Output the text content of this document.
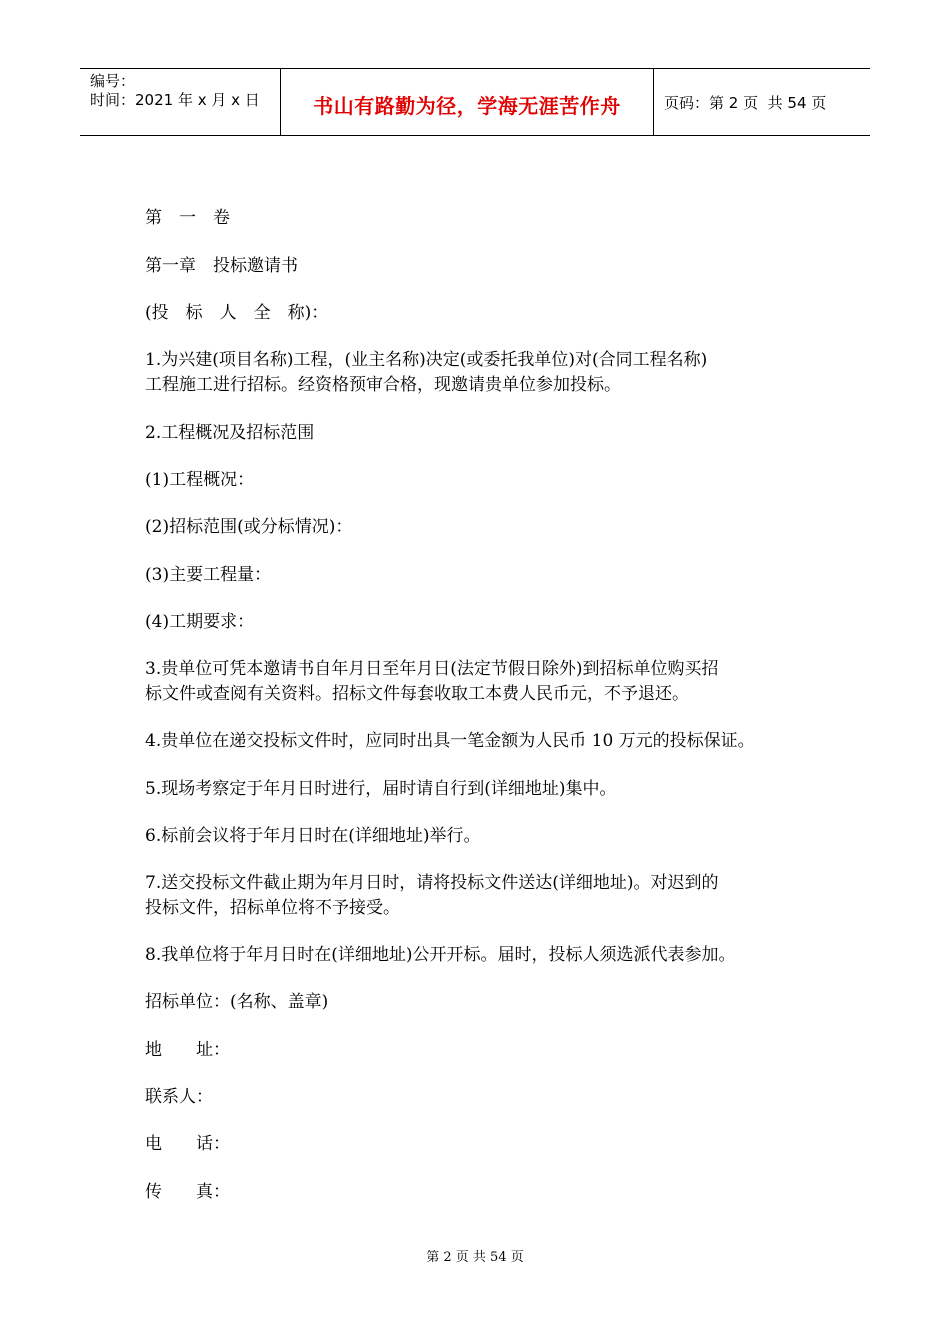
编号：
时间：2021 年 x 月 x 日	书山有路勤为径，学海无涯苦作舟	页码： 第 2 页
共 54 页
第　一　卷
第一章　投标邀请书
(投　标　人　全　称)：
1.为兴建(项目名称)工程，(业主名称)决定(或委托我单位)对(合同工程名称)
工程施工进行招标。经资格预审合格，现邀请贵单位参加投标。
2.工程概况及招标范围
(1)工程概况：
(2)招标范围(或分标情况)：
(3)主要工程量：
(4)工期要求：
3.贵单位可凭本邀请书自年月日至年月日(法定节假日除外)到招标单位购买招
标文件或查阅有关资料。招标文件每套收取工本费人民币元，不予退还。
4.贵单位在递交投标文件时，应同时出具一笔金额为人民币 10 万元的投标保证。
5.现场考察定于年月日时进行，届时请自行到(详细地址)集中。
6.标前会议将于年月日时在(详细地址)举行。
7.送交投标文件截止期为年月日时，请将投标文件送达(详细地址)。对迟到的
投标文件，招标单位将不予接受。
8.我单位将于年月日时在(详细地址)公开开标。届时，投标人须选派代表参加。
招标单位：(名称、盖章)
地　　址：
联系人：
电　　话：
传　　真：
第 2 页 共 54 页
